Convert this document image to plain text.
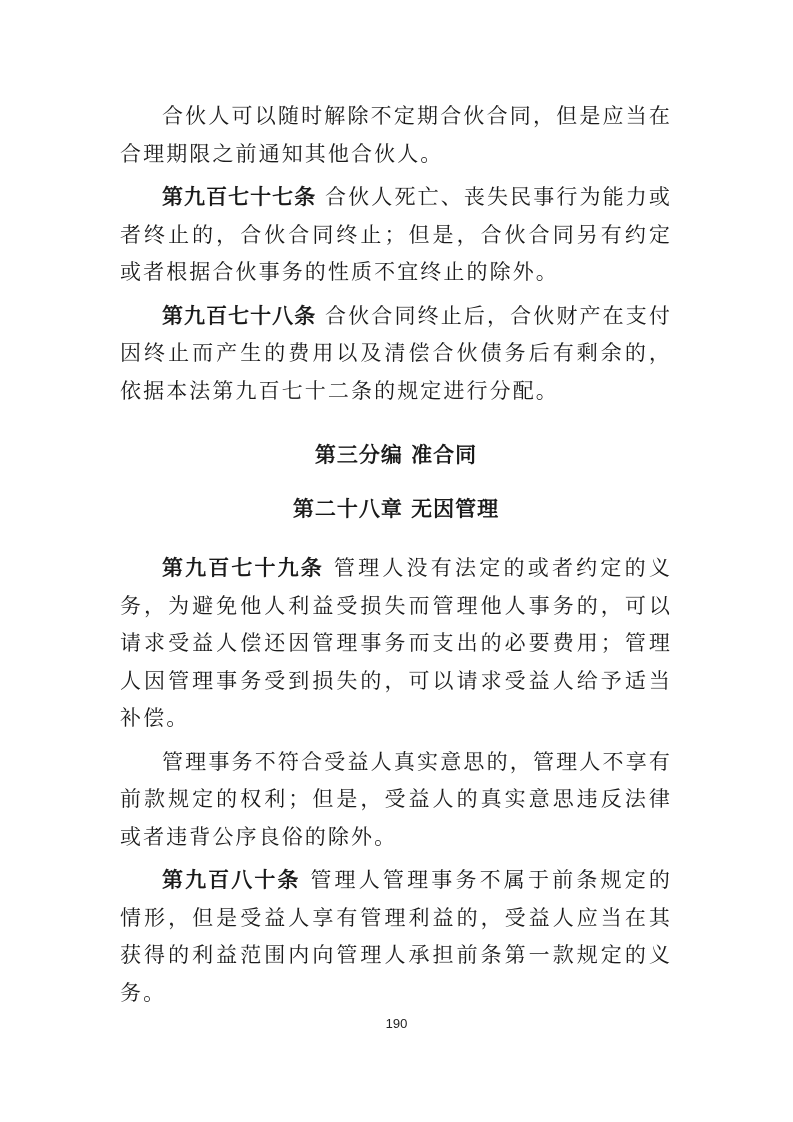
合伙人可以随时解除不定期合伙合同，但是应当在合理期限之前通知其他合伙人。

第九百七十七条 合伙人死亡、丧失民事行为能力或者终止的，合伙合同终止；但是，合伙合同另有约定或者根据合伙事务的性质不宜终止的除外。

第九百七十八条 合伙合同终止后，合伙财产在支付因终止而产生的费用以及清偿合伙债务后有剩余的，依据本法第九百七十二条的规定进行分配。

第三分编 准合同
第二十八章 无因管理

第九百七十九条 管理人没有法定的或者约定的义务，为避免他人利益受损失而管理他人事务的，可以请求受益人偿还因管理事务而支出的必要费用；管理人因管理事务受到损失的，可以请求受益人给予适当补偿。

管理事务不符合受益人真实意思的，管理人不享有前款规定的权利；但是，受益人的真实意思违反法律或者违背公序良俗的除外。

第九百八十条 管理人管理事务不属于前条规定的情形，但是受益人享有管理利益的，受益人应当在其获得的利益范围内向管理人承担前条第一款规定的义务。

190
